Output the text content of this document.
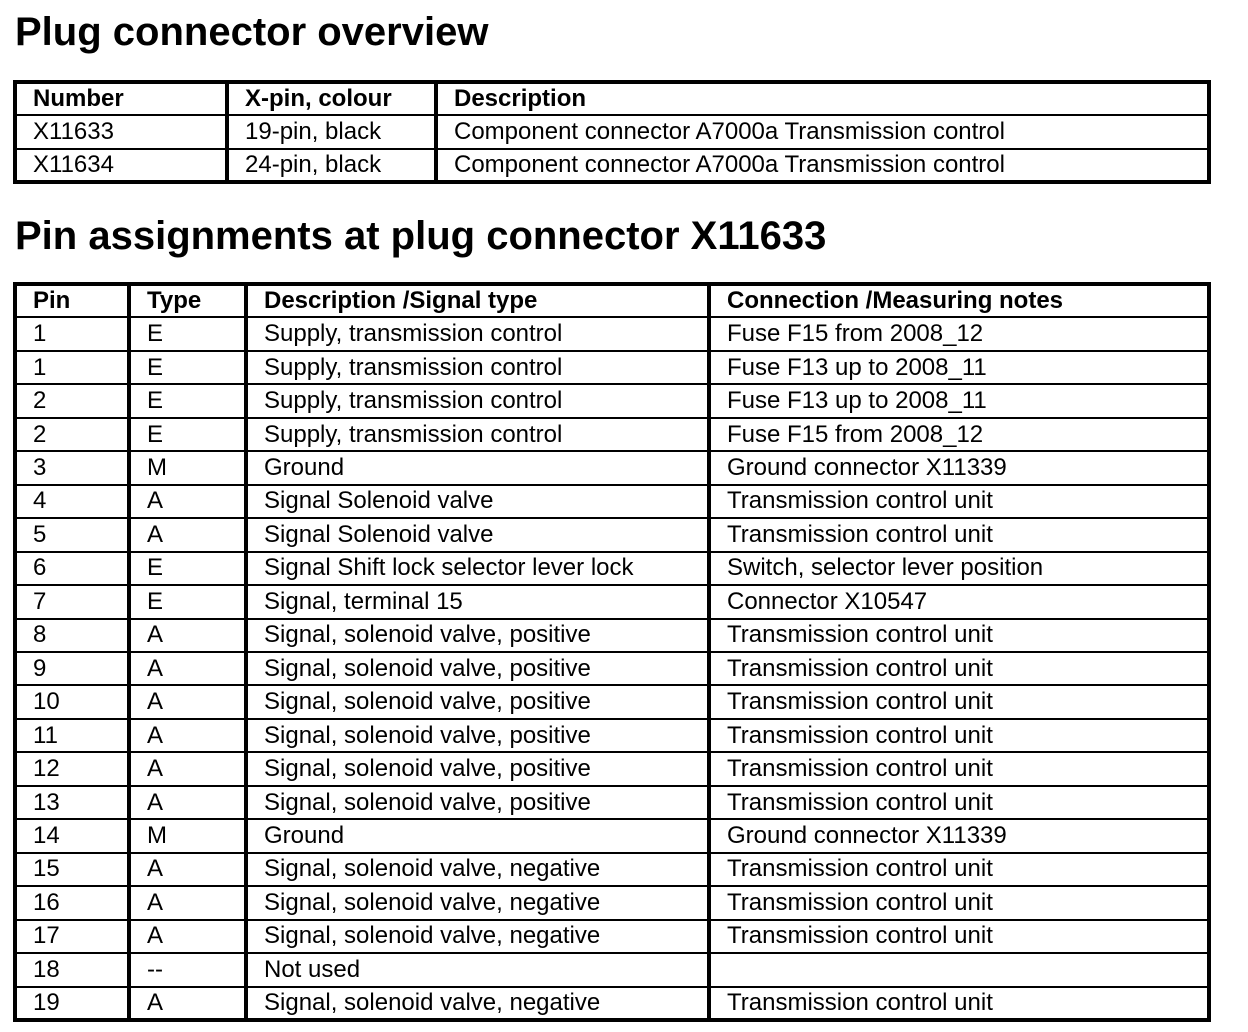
Plug connector overview
Number	X-pin, colour	Description
X11633	19-pin, black	Component connector A7000a Transmission control
X11634	24-pin, black	Component connector A7000a Transmission control
Pin assignments at plug connector X11633
Pin	Type	Description /Signal type	Connection /Measuring notes
1	E	Supply, transmission control	Fuse F15 from 2008_12
1	E	Supply, transmission control	Fuse F13 up to 2008_11
2	E	Supply, transmission control	Fuse F13 up to 2008_11
2	E	Supply, transmission control	Fuse F15 from 2008_12
3	M	Ground	Ground connector X11339
4	A	Signal Solenoid valve	Transmission control unit
5	A	Signal Solenoid valve	Transmission control unit
6	E	Signal Shift lock selector lever lock	Switch, selector lever position
7	E	Signal, terminal 15	Connector X10547
8	A	Signal, solenoid valve, positive	Transmission control unit
9	A	Signal, solenoid valve, positive	Transmission control unit
10	A	Signal, solenoid valve, positive	Transmission control unit
11	A	Signal, solenoid valve, positive	Transmission control unit
12	A	Signal, solenoid valve, positive	Transmission control unit
13	A	Signal, solenoid valve, positive	Transmission control unit
14	M	Ground	Ground connector X11339
15	A	Signal, solenoid valve, negative	Transmission control unit
16	A	Signal, solenoid valve, negative	Transmission control unit
17	A	Signal, solenoid valve, negative	Transmission control unit
18	--	Not used	
19	A	Signal, solenoid valve, negative	Transmission control unit
